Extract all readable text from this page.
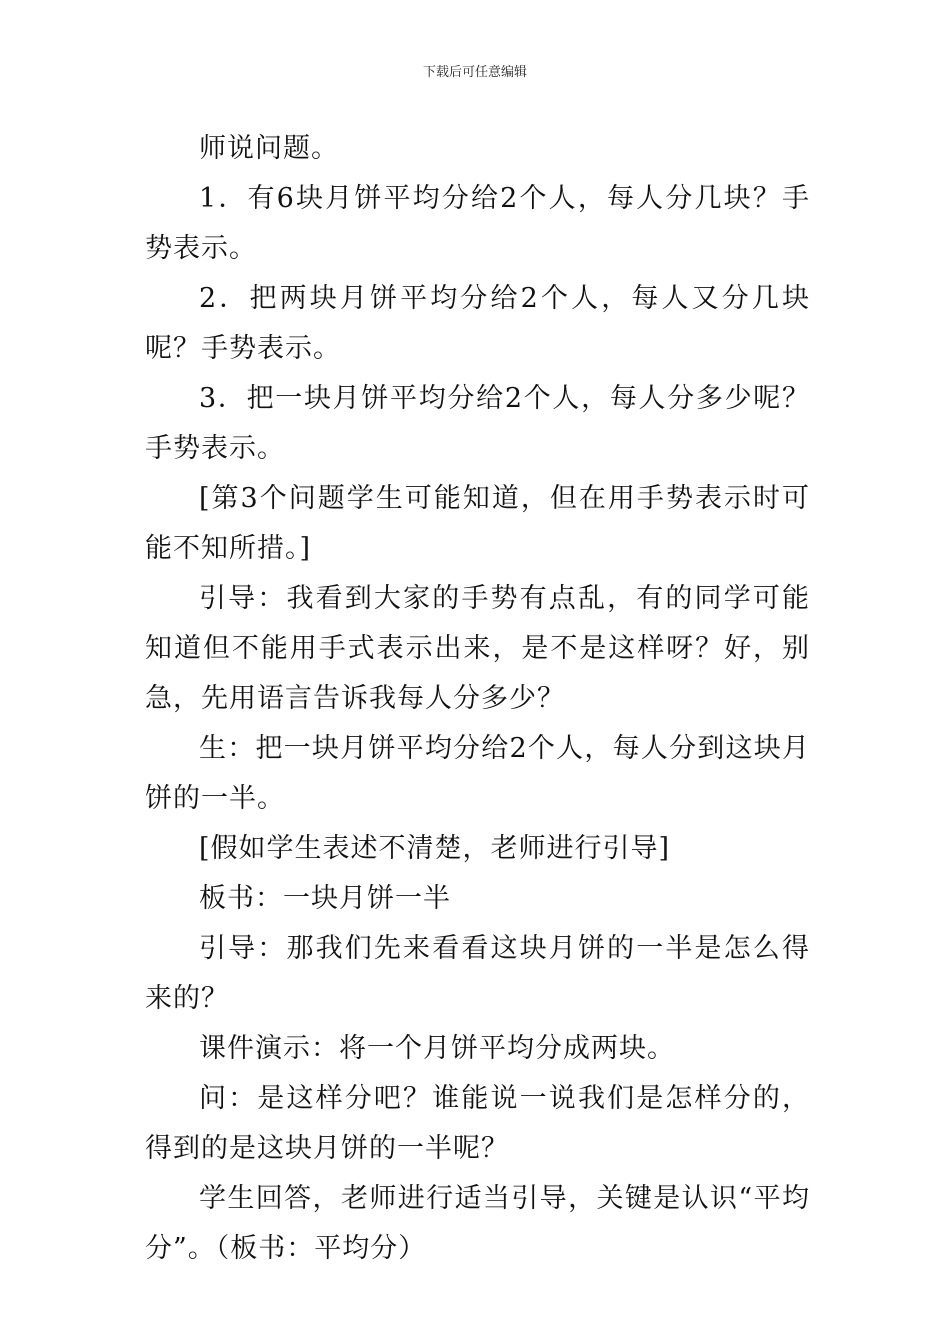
下载后可任意编辑

师说问题。

1．有6块月饼平均分给2个人，每人分几块？手势表示。

2．把两块月饼平均分给2个人，每人又分几块呢？手势表示。

3．把一块月饼平均分给2个人，每人分多少呢？手势表示。

[第3个问题学生可能知道，但在用手势表示时可能不知所措。]

引导：我看到大家的手势有点乱，有的同学可能知道但不能用手式表示出来，是不是这样呀？好，别急，先用语言告诉我每人分多少？

生：把一块月饼平均分给2个人，每人分到这块月饼的一半。

[假如学生表述不清楚，老师进行引导]

板书：一块月饼一半

引导：那我们先来看看这块月饼的一半是怎么得来的？

课件演示：将一个月饼平均分成两块。

问：是这样分吧？谁能说一说我们是怎样分的，得到的是这块月饼的一半呢？

学生回答，老师进行适当引导，关键是认识“平均分”。（板书：平均分）
